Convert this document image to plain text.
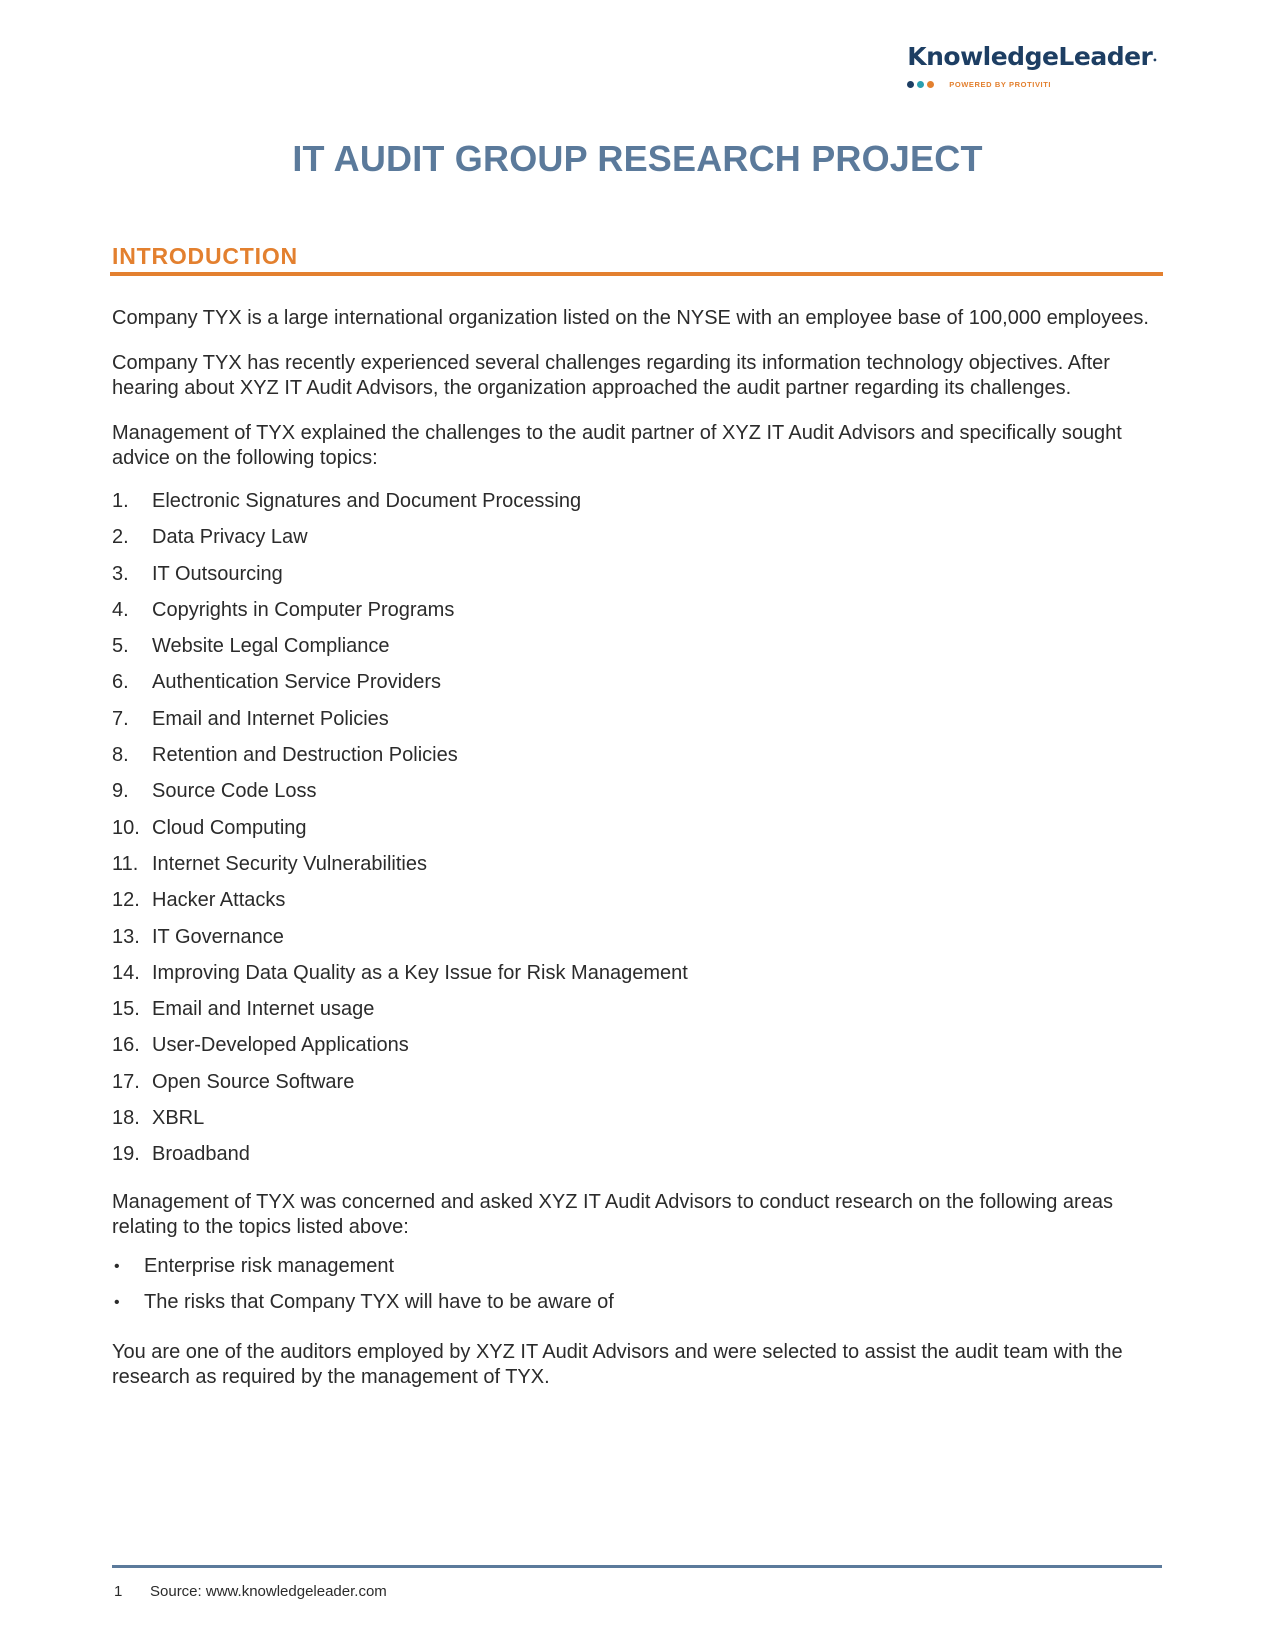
KnowledgeLeader•
POWERED BY PROTIVITI
IT AUDIT GROUP RESEARCH PROJECT
INTRODUCTION

Company TYX is a large international organization listed on the NYSE with an employee base of 100,000 employees.

Company TYX has recently experienced several challenges regarding its information technology objectives. After hearing about XYZ IT Audit Advisors, the organization approached the audit partner regarding its challenges.

Management of TYX explained the challenges to the audit partner of XYZ IT Audit Advisors and specifically sought advice on the following topics:

1.	Electronic Signatures and Document Processing
2.	Data Privacy Law
3.	IT Outsourcing
4.	Copyrights in Computer Programs
5.	Website Legal Compliance
6.	Authentication Service Providers
7.	Email and Internet Policies
8.	Retention and Destruction Policies
9.	Source Code Loss
10. Cloud Computing
11. Internet Security Vulnerabilities
12. Hacker Attacks
13. IT Governance
14. Improving Data Quality as a Key Issue for Risk Management
15. Email and Internet usage
16. User-Developed Applications
17. Open Source Software
18. XBRL
19. Broadband

Management of TYX was concerned and asked XYZ IT Audit Advisors to conduct research on the following areas relating to the topics listed above:

•	Enterprise risk management
•	The risks that Company TYX will have to be aware of

You are one of the auditors employed by XYZ IT Audit Advisors and were selected to assist the audit team with the research as required by the management of TYX.

1	Source: www.knowledgeleader.com
